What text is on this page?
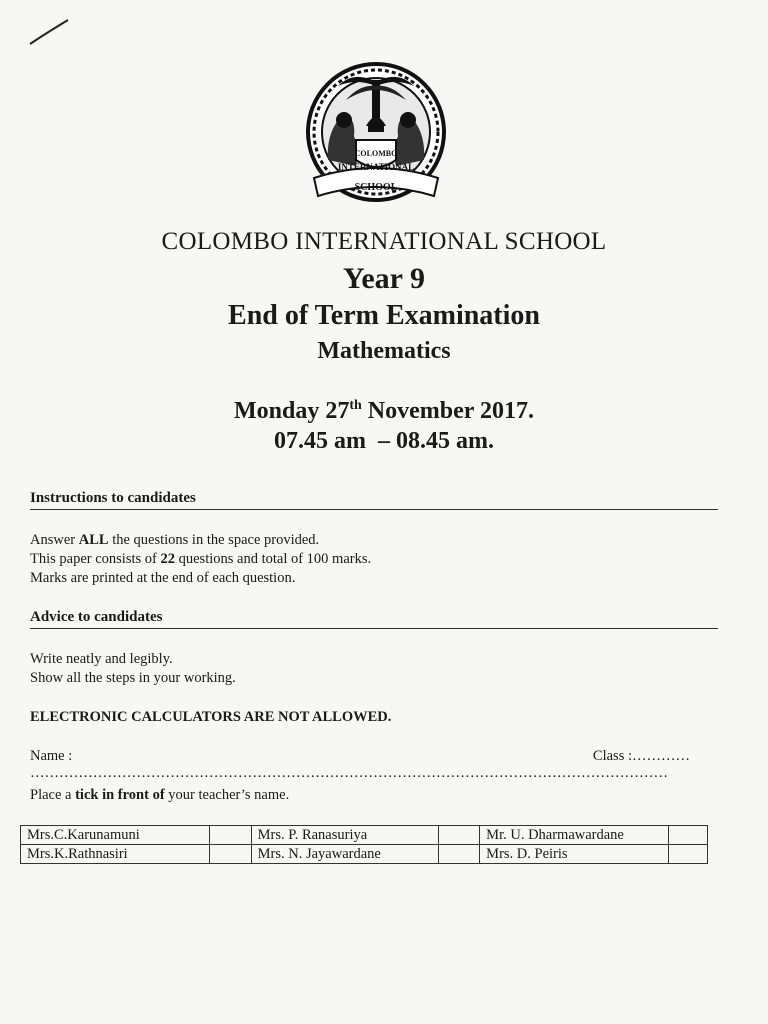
COLOMBO
INTERNATIONAL
SCHOOL
COLOMBO INTERNATIONAL SCHOOL
Year 9
End of Term Examination
Mathematics
Monday 27th November 2017.
07.45 am  – 08.45 am.
Instructions to candidates
Answer ALL the questions in the space provided.
This paper consists of 22 questions and total of 100 marks.
Marks are printed at the end of each question.
Advice to candidates
Write neatly and legibly.
Show all the steps in your working.
ELECTRONIC CALCULATORS ARE NOT ALLOWED.
Name : ……………………………………………………………………………………………………………………
Class :…………
Place a tick in front of your teacher’s name.
Mrs.C.Karunamuni		Mrs. P. Ranasuriya		Mr. U. Dharmawardane	
Mrs.K.Rathnasiri		Mrs. N. Jayawardane		Mrs. D. Peiris	
